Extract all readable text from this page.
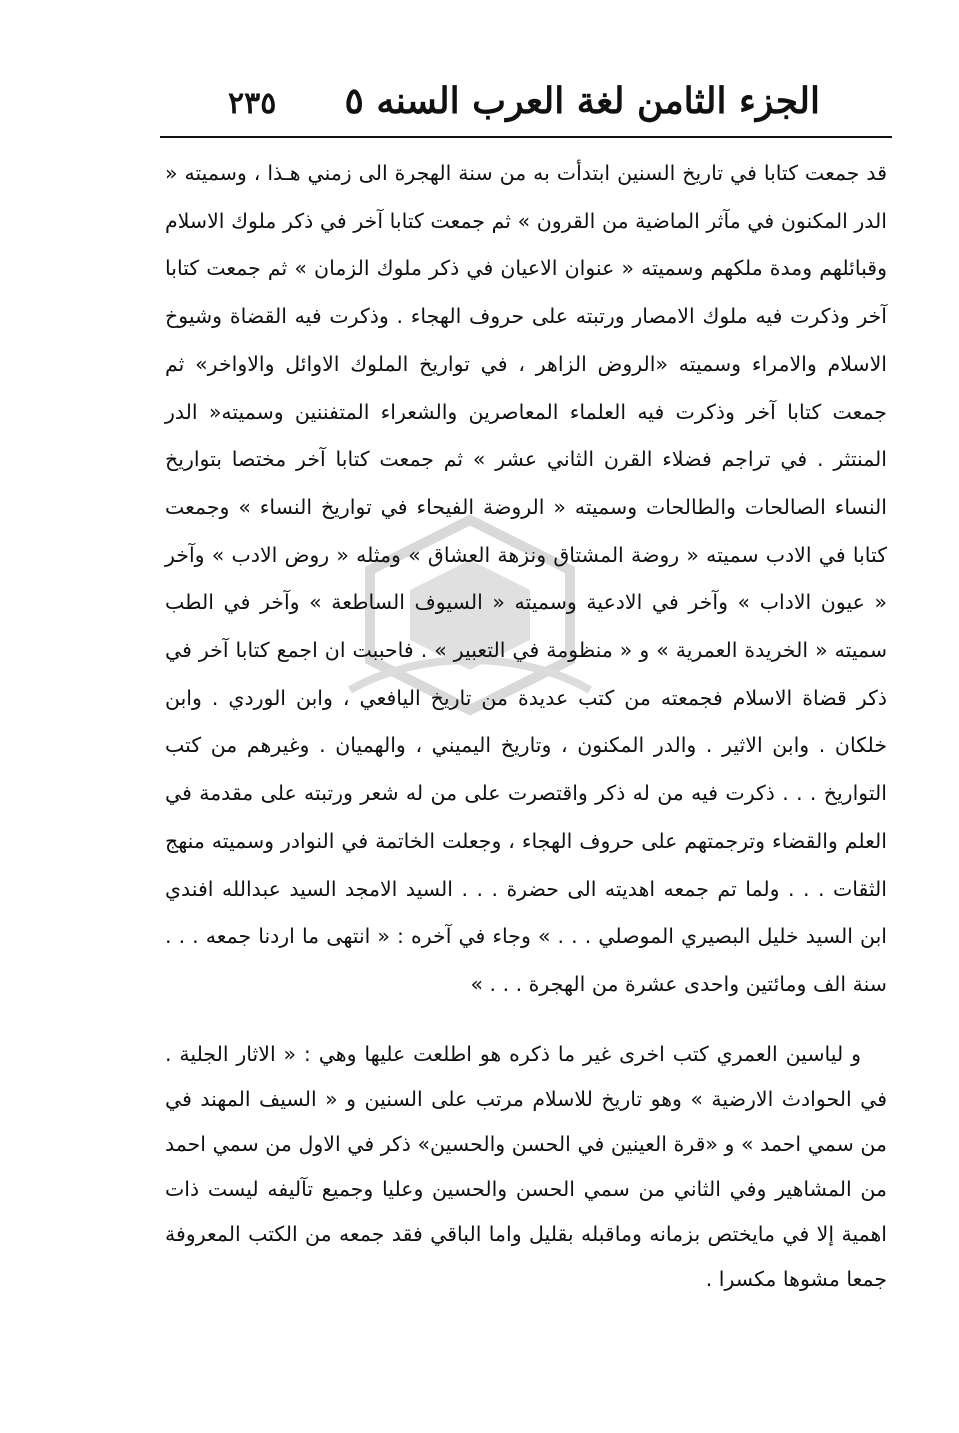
الجزء الثامن لغة العرب السنه ٥
٢٣٥

قد جمعت كتابا في تاريخ السنين ابتدأت به من سنة الهجرة الى زمني هـذا ، وسميته « الدر المكنون في مآثر الماضية من القرون » ثم جمعت كتابا آخر في ذكر ملوك الاسلام وقبائلهم ومدة ملكهم وسميته « عنوان الاعيان في ذكر ملوك الزمان » ثم جمعت كتابا آخر وذكرت فيه ملوك الامصار ورتبته على حروف الهجاء . وذكرت فيه القضاة وشيوخ الاسلام والامراء وسميته «الروض الزاهر ، في تواريخ الملوك الاوائل والاواخر» ثم جمعت كتابا آخر وذكرت فيه العلماء المعاصرين والشعراء المتفننين وسميته« الدر المنتثر . في تراجم فضلاء القرن الثاني عشر » ثم جمعت كتابا آخر مختصا بتواريخ النساء الصالحات والطالحات وسميته « الروضة الفيحاء في تواريخ النساء » وجمعت كتابا في الادب سميته « روضة المشتاق ونزهة العشاق » ومثله « روض الادب » وآخر « عيون الاداب » وآخر في الادعية وسميته « السيوف الساطعة » وآخر في الطب سميته « الخريدة العمرية » و « منظومة في التعبير » . فاحببت ان اجمع كتابا آخر في ذكر قضاة الاسلام فجمعته من كتب عديدة من تاريخ اليافعي ، وابن الوردي . وابن خلكان . وابن الاثير . والدر المكنون ، وتاريخ اليميني ، والهميان . وغيرهم من كتب التواريخ . . . ذكرت فيه من له ذكر واقتصرت على من له شعر ورتبته على مقدمة في العلم والقضاء وترجمتهم على حروف الهجاء ، وجعلت الخاتمة في النوادر وسميته منهج الثقات . . . ولما تم جمعه اهديته الى حضرة . . . السيد الامجد السيد عبدالله افندي ابن السيد خليل البصيري الموصلي . . . » وجاء في آخره : « انتهى ما اردنا جمعه . . . سنة الف ومائتين واحدى عشرة من الهجرة . . . »

و لياسين العمري كتب اخرى غير ما ذكره هو اطلعت عليها وهي : « الاثار الجلية . في الحوادث الارضية » وهو تاريخ للاسلام مرتب على السنين و « السيف المهند في من سمي احمد » و «قرة العينين في الحسن والحسين» ذكر في الاول من سمي احمد من المشاهير وفي الثاني من سمي الحسن والحسين وعليا وجميع تآليفه ليست ذات اهمية إلا في مايختص بزمانه وماقبله بقليل واما الباقي فقد جمعه من الكتب المعروفة جمعا مشوها مكسرا .
